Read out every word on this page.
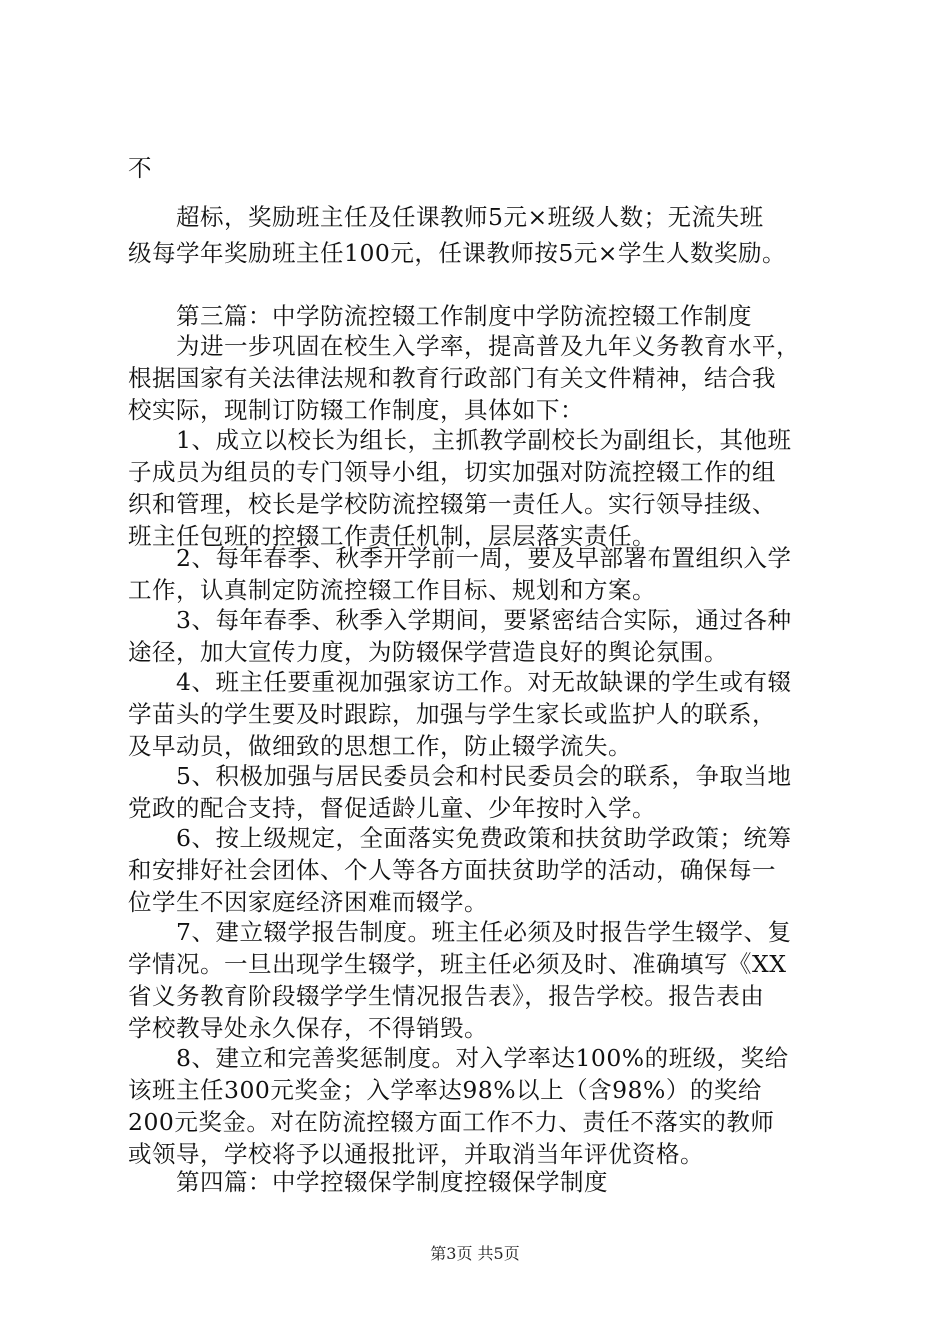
不
超标，奖励班主任及任课教师5元×班级人数；无流失班
级每学年奖励班主任100元，任课教师按5元×学生人数奖励。
第三篇：中学防流控辍工作制度中学防流控辍工作制度
为进一步巩固在校生入学率，提高普及九年义务教育水平，
根据国家有关法律法规和教育行政部门有关文件精神，结合我
校实际，现制订防辍工作制度，具体如下：
1、成立以校长为组长，主抓教学副校长为副组长，其他班
子成员为组员的专门领导小组，切实加强对防流控辍工作的组
织和管理，校长是学校防流控辍第一责任人。实行领导挂级、
班主任包班的控辍工作责任机制，层层落实责任。
2、每年春季、秋季开学前一周，要及早部署布置组织入学
工作，认真制定防流控辍工作目标、规划和方案。
3、每年春季、秋季入学期间，要紧密结合实际，通过各种
途径，加大宣传力度，为防辍保学营造良好的舆论氛围。
4、班主任要重视加强家访工作。对无故缺课的学生或有辍
学苗头的学生要及时跟踪，加强与学生家长或监护人的联系，
及早动员，做细致的思想工作，防止辍学流失。
5、积极加强与居民委员会和村民委员会的联系，争取当地
党政的配合支持，督促适龄儿童、少年按时入学。
6、按上级规定，全面落实免费政策和扶贫助学政策；统筹
和安排好社会团体、个人等各方面扶贫助学的活动，确保每一
位学生不因家庭经济困难而辍学。
7、建立辍学报告制度。班主任必须及时报告学生辍学、复
学情况。一旦出现学生辍学，班主任必须及时、准确填写《XX
省义务教育阶段辍学学生情况报告表》，报告学校。报告表由
学校教导处永久保存，不得销毁。
8、建立和完善奖惩制度。对入学率达100%的班级，奖给
该班主任300元奖金；入学率达98%以上（含98%）的奖给
200元奖金。对在防流控辍方面工作不力、责任不落实的教师
或领导，学校将予以通报批评，并取消当年评优资格。
第四篇：中学控辍保学制度控辍保学制度
第3页 共5页
